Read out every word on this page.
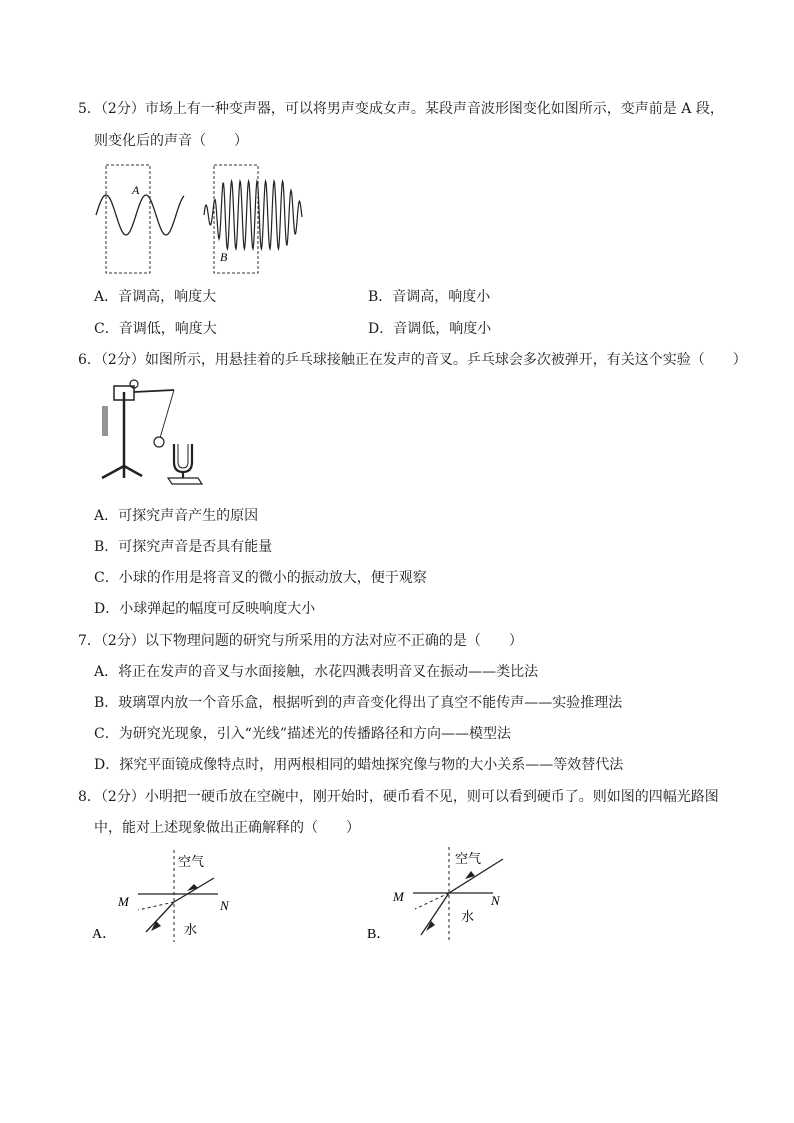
5．（2分）市场上有一种变声器，可以将男声变成女声。某段声音波形图变化如图所示，变声前是 A 段，
则变化后的声音（　　）
A
B
A．音调高，响度大	B．音调高，响度小
C．音调低，响度大	D．音调低，响度小
6．（2分）如图所示，用悬挂着的乒乓球接触正在发声的音叉。乒乓球会多次被弹开，有关这个实验（　　）
A．可探究声音产生的原因
B．可探究声音是否具有能量
C．小球的作用是将音叉的微小的振动放大，便于观察
D．小球弹起的幅度可反映响度大小
7．（2分）以下物理问题的研究与所采用的方法对应不正确的是（　　）
A．将正在发声的音叉与水面接触，水花四溅表明音叉在振动——类比法
B．玻璃罩内放一个音乐盒，根据听到的声音变化得出了真空不能传声——实验推理法
C．为研究光现象，引入“光线”描述光的传播路径和方向——模型法
D．探究平面镜成像特点时，用两根相同的蜡烛探究像与物的大小关系——等效替代法
8．（2分）小明把一硬币放在空碗中，刚开始时，硬币看不见，则可以看到硬币了。则如图的四幅光路图
中，能对上述现象做出正确解释的（　　）
空气
水
M	N
A．
空气
水
M	N
B．
